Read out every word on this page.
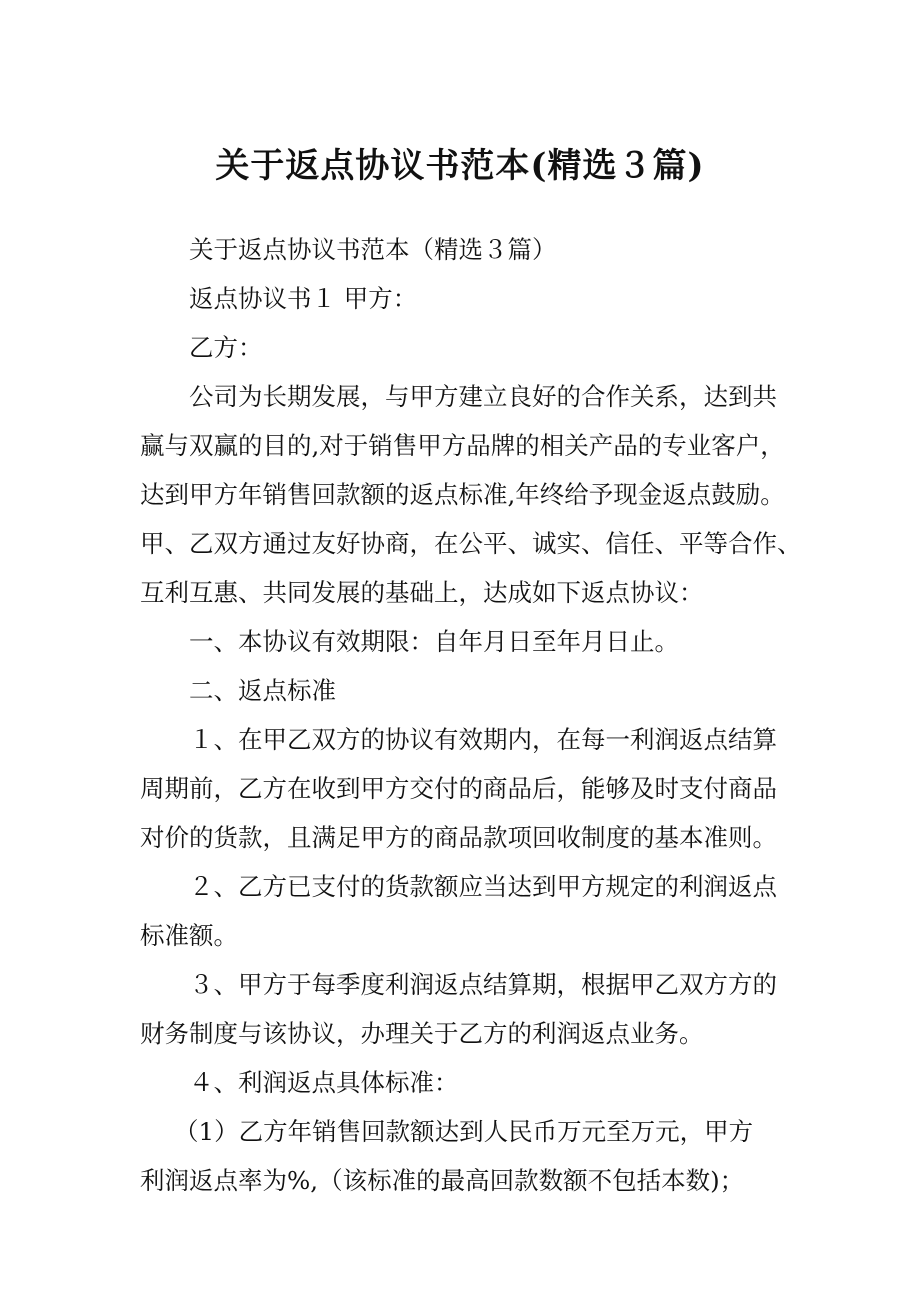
关于返点协议书范本(精选３篇)
关于返点协议书范本（精选３篇）
返点协议书１ 甲方：
乙方：
公司为长期发展，与甲方建立良好的合作关系，达到共
赢与双赢的目的,对于销售甲方品牌的相关产品的专业客户，
达到甲方年销售回款额的返点标准,年终给予现金返点鼓励。
甲、乙双方通过友好协商，在公平、诚实、信任、平等合作、
互利互惠、共同发展的基础上，达成如下返点协议：
一、本协议有效期限：自年月日至年月日止。
二、返点标准
１、在甲乙双方的协议有效期内，在每一利润返点结算
周期前，乙方在收到甲方交付的商品后，能够及时支付商品
对价的货款，且满足甲方的商品款项回收制度的基本准则。
２、乙方已支付的货款额应当达到甲方规定的利润返点
标准额。
３、甲方于每季度利润返点结算期，根据甲乙双方方的
财务制度与该协议，办理关于乙方的利润返点业务。
４、利润返点具体标准：
（1）乙方年销售回款额达到人民币万元至万元，甲方
利润返点率为%,（该标准的最高回款数额不包括本数)；
